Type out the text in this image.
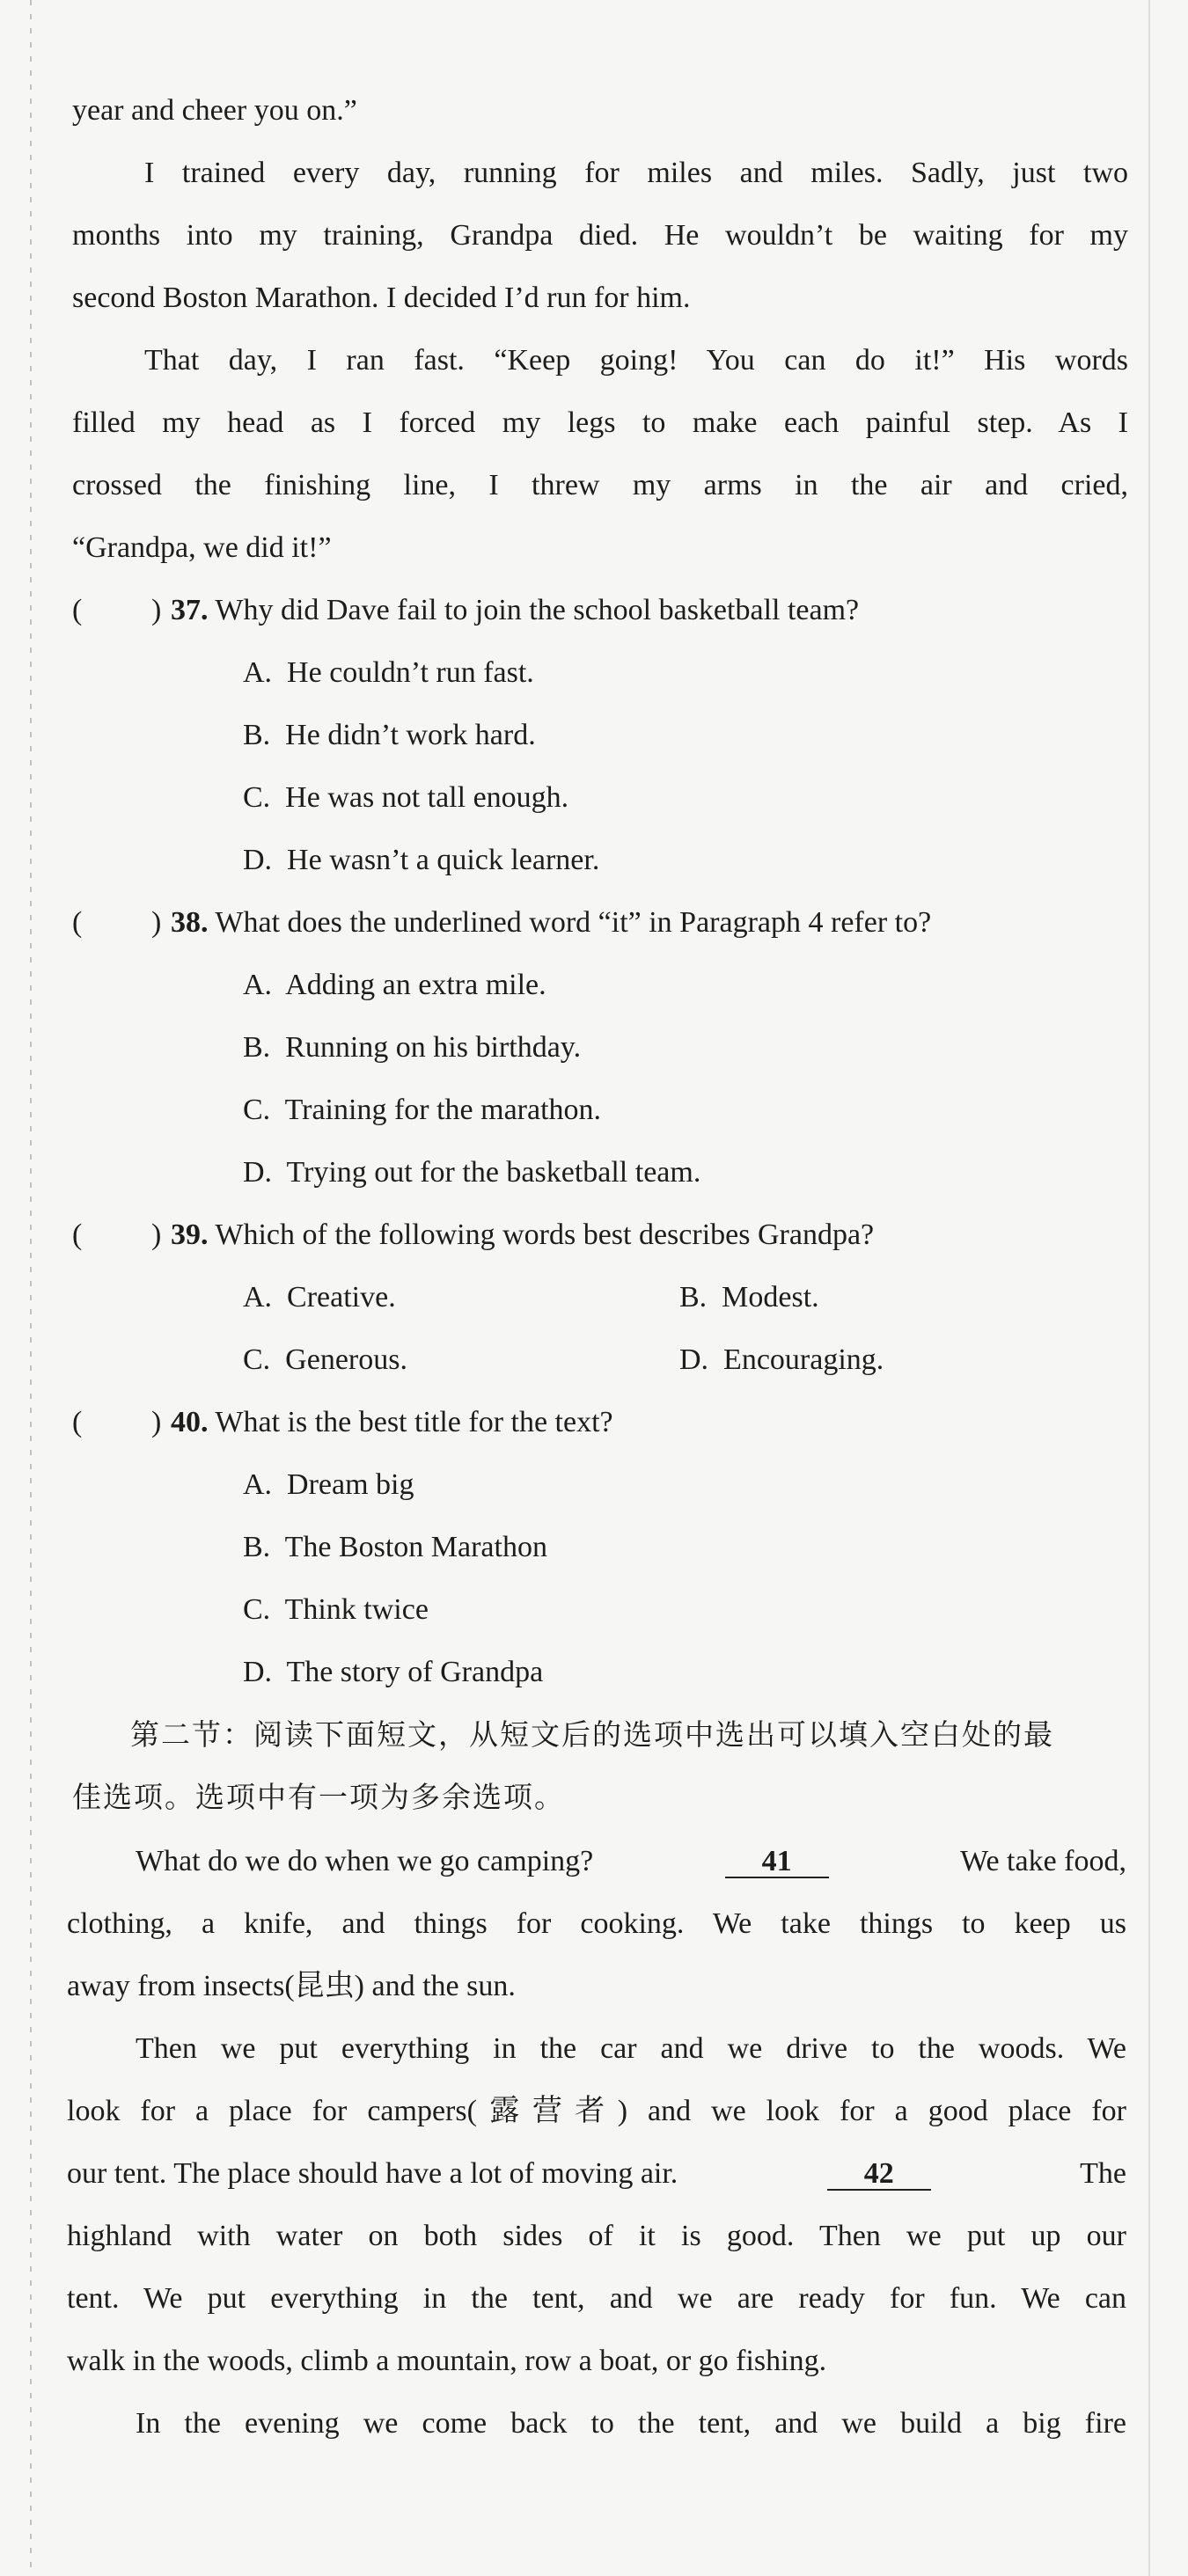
year and cheer you on.”
I trained every day, running for miles and miles. Sadly, just two
months into my training, Grandpa died. He wouldn’t be waiting for my
second Boston Marathon. I decided I’d run for him.
That day, I ran fast. “Keep going! You can do it!” His words
filled my head as I forced my legs to make each painful step. As I
crossed the finishing line, I threw my arms in the air and cried,
“Grandpa, we did it!”
( ) 37. Why did Dave fail to join the school basketball team?
A.  He couldn’t run fast.
B.  He didn’t work hard.
C.  He was not tall enough.
D.  He wasn’t a quick learner.
( ) 38. What does the underlined word “it” in Paragraph 4 refer to?
A.  Adding an extra mile.
B.  Running on his birthday.
C.  Training for the marathon.
D.  Trying out for the basketball team.
( ) 39. Which of the following words best describes Grandpa?
A.  Creative.	B.  Modest.
C.  Generous.	D.  Encouraging.
( ) 40. What is the best title for the text?
A.  Dream big
B.  The Boston Marathon
C.  Think twice
D.  The story of Grandpa
第二节：阅读下面短文，从短文后的选项中选出可以填入空白处的最
佳选项。选项中有一项为多余选项。
What do we do when we go camping?	41	We take food,
clothing, a knife, and things for cooking. We take things to keep us
away from insects(昆虫) and the sun.
Then we put everything in the car and we drive to the woods. We
look for a place for campers(露营者) and we look for a good place for
our tent. The place should have a lot of moving air.	42	The
highland with water on both sides of it is good. Then we put up our
tent. We put everything in the tent, and we are ready for fun. We can
walk in the woods, climb a mountain, row a boat, or go fishing.
In the evening we come back to the tent, and we build a big fire
